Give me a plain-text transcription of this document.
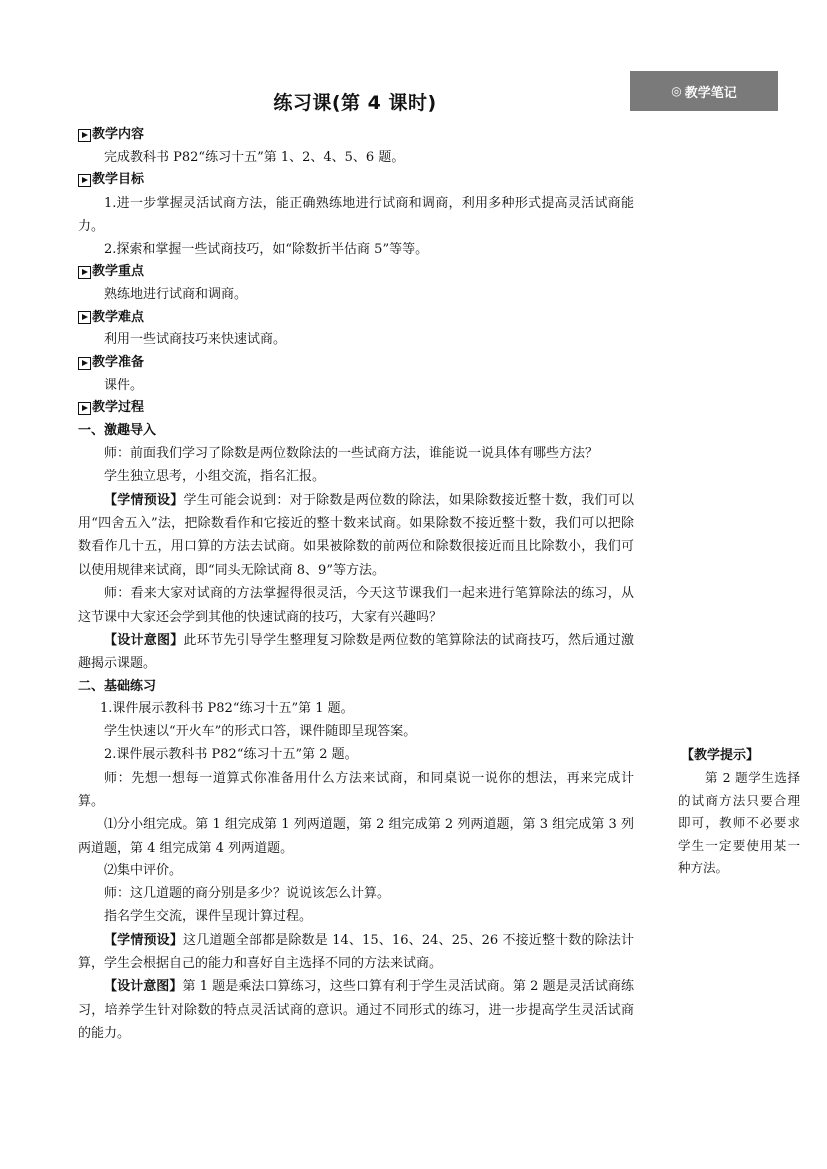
◎ 教学笔记
练习课(第 4 课时)
教学内容
完成教科书 P82“练习十五”第 1、2、4、5、6 题。
教学目标
1.进一步掌握灵活试商方法，能正确熟练地进行试商和调商，利用多种形式提高灵活试商能力。
2.探索和掌握一些试商技巧，如“除数折半估商 5”等等。
教学重点
熟练地进行试商和调商。
教学难点
利用一些试商技巧来快速试商。
教学准备
课件。
教学过程
一、激趣导入
师：前面我们学习了除数是两位数除法的一些试商方法，谁能说一说具体有哪些方法？
学生独立思考，小组交流，指名汇报。
【学情预设】学生可能会说到：对于除数是两位数的除法，如果除数接近整十数，我们可以用“四舍五入”法，把除数看作和它接近的整十数来试商。如果除数不接近整十数，我们可以把除数看作几十五，用口算的方法去试商。如果被除数的前两位和除数很接近而且比除数小，我们可以使用规律来试商，即“同头无除试商 8、9”等方法。
师：看来大家对试商的方法掌握得很灵活，今天这节课我们一起来进行笔算除法的练习，从这节课中大家还会学到其他的快速试商的技巧，大家有兴趣吗？
【设计意图】此环节先引导学生整理复习除数是两位数的笔算除法的试商技巧，然后通过激趣揭示课题。
二、基础练习
1.课件展示教科书 P82“练习十五”第 1 题。
学生快速以“开火车”的形式口答，课件随即呈现答案。
2.课件展示教科书 P82“练习十五”第 2 题。
师：先想一想每一道算式你准备用什么方法来试商，和同桌说一说你的想法，再来完成计算。
⑴分小组完成。第 1 组完成第 1 列两道题，第 2 组完成第 2 列两道题，第 3 组完成第 3 列两道题，第 4 组完成第 4 列两道题。
⑵集中评价。
师：这几道题的商分别是多少？说说该怎么计算。
指名学生交流，课件呈现计算过程。
【学情预设】这几道题全部都是除数是 14、15、16、24、25、26 不接近整十数的除法计算，学生会根据自己的能力和喜好自主选择不同的方法来试商。
【设计意图】第 1 题是乘法口算练习，这些口算有利于学生灵活试商。第 2 题是灵活试商练习，培养学生针对除数的特点灵活试商的意识。通过不同形式的练习，进一步提高学生灵活试商的能力。
【教学提示】
第 2 题学生选择的试商方法只要合理即可，教师不必要求学生一定要使用某一种方法。
